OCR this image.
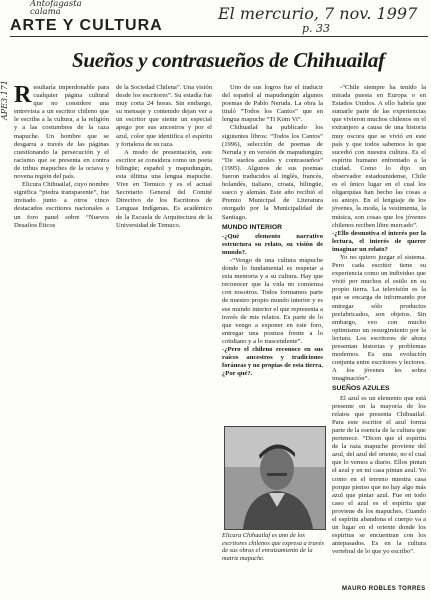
Antofagasta
calama	El mercurio, 7 nov. 1997
p. 33
APE3.171
ARTE Y CULTURA
Sueños y contrasueños de Chihuailaf

Resultaría imperdonable para cualquier página cultural que no considere una entrevista a un escritor chileno que le escriba a la cultura, a la religión y a las costumbres de la raza mapuche. Un hombre que se desgarra a través de las páginas cuestionando la persecución y el racismo que se presenta en contra de tribus mapuches de la octava y novena región del país.

Elicura Chihuailaf, cuyo nombre significa “piedra transparente”, fue invitado junto a otros cinco destacados escritores nacionales a un foro panel sobre “Nuevos Desafíos Éticos

de la Sociedad Chilena”. Una visión desde los escritores”. Su estadía fue muy corta 24 horas. Sin embargo, su mensaje y contenido dejan ver a un escritor que siente un especial apego por sus ancestros y por el azul, color que identifica el espíritu y fortaleza de su raza.

A modo de presentación, este escritor se considera como un poeta bilingüe; español y mapudungún, esta última una lengua mapuche. Vive en Temuco y es el actual Secretario General del Comité Directivo de los Escritores de Lenguas Indígenas. Es académico de la Escuela de Arquitectura de la Universidad de Temuco.

Uno de sus logros fue el traducir del español al mapudungún algunos poemas de Pablo Neruda. La obra la tituló “Todos los Cantos” que en lengua mapuche “Ti Kom Vi”.

Chihuailaf ha publicado los siguientes libros: “Todos los Cantos” (1996), selección de poemas de Neruda y en versión de mapudungún; “De sueños azules y contrasueños” (1995). Algunos de sus poemas fueron traducidos al inglés, francés, holandés, italiano, croata, bilingüe, sueco y alemán. Este año recibió el Premio Municipal de Literatura otorgado por la Municipalidad de Santiago.

MUNDO INTERIOR

-¿Qué elemento narrativo estructura su relato, su visión de mundo?.

-“Vengo de una cultura mapuche donde lo fundamental es respetar a esta memoria y a su cultura. Hay que reconocer que la vida no comienza con nosotros. Todos formamos parte de nuestro propio mundo interior y es ese mundo interior el que representa a través de mis relatos. Es parte de lo que vengo a exponer en este foro, entregar una postura frente a lo cotidiano y a lo trascendente”.

-¿Pero el chileno reconoce en sus raíces ancestros y tradiciones foráneas y no propias de esta tierra. ¿Por qué?.

Elicura Chihuailaf es uno de los escritores chilenos que expresa a través de sus obras el enraizamiento de la matriz mapuche.

-“Chile siempre ha tenido la mirada puesta en Europa o en Estados Unidos. A ello habría que sumarle parte de las experiencias que vivieron muchos chilenos en el extranjero a causa de una historia muy oscura que se vivió en este país y que todos sabemos lo que sucedió con nuestra cultura. Es el espíritu humano enfrentado a la ciudad. Como lo dijo un observador estadounidense, Chile es el único lugar en el cual los oligarquías han hecho las cosas a su antojo. En el lenguaje de los jóvenes, la moda, la vestimenta, la música, son cosas que los jóvenes chilenos reciben libre mercado”.

-¿Ello desmotiva el interés por la lectura, el interés de querer imaginar un relato?

Yo no quiero juzgar el sistema. Pero cada escritor tiene su experiencia como un individuo que vivió por muchos el estilo en su propio tierra. La televisión es la que se encarga de informando por entregar sólo productos prefabricados, son objetos. Sin embargo, veo con mucho optimismo un resurgimiento por la lectura. Los escritores de ahora presentan historias y problemas modernos. Es una evolución conjunta entre escritores y lectores. A los jóvenes les sobra imaginación”.

SUEÑOS AZULES

El azul es un elemento que está presente en la mayoría de los relatos que presenta Chihuailaf. Para este escritor el azul forma parte de la esencia de la cultura que pertenece. “Dicen que el espíritu de la raza mapuche proviene del azul, del azul del oriente, no el cual que lo vemos a diario. Ellos pintan el azul y en mi casa pintan azul. Yo como en el terreno nuestra casa porque pienso que no hay algo más azul que pintar azul. Fue en todo caso el azul es el espíritu que proviene de los mapuches. Cuando el espíritu abandona el cuerpo va a un lugar en el oriente donde los espíritus se encuentran con los antepasados. Es en la cultura vertebral de lo que yo escribo”.

MAURO ROBLES TORRES
